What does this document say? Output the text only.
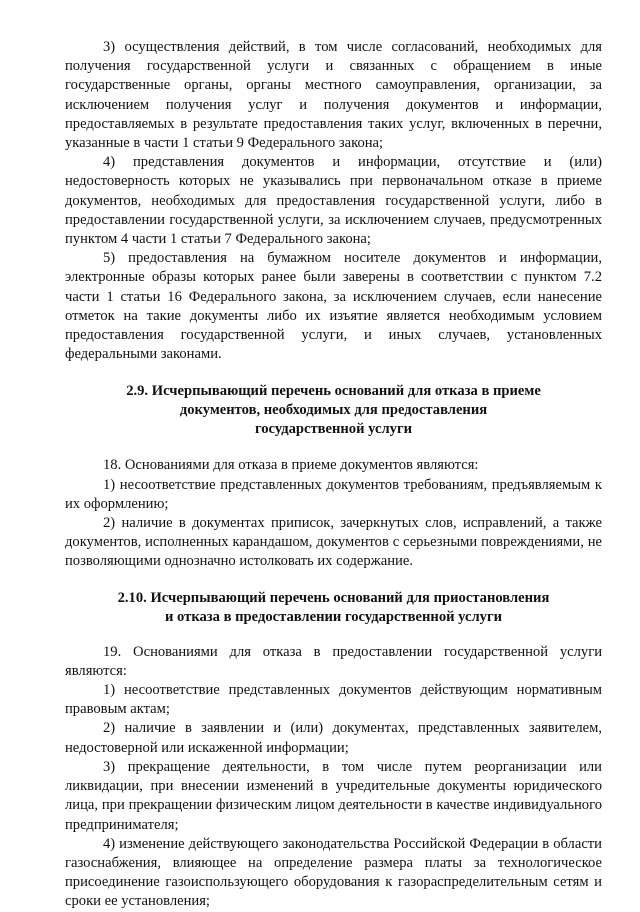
3) осуществления действий, в том числе согласований, необходимых для получения государственной услуги и связанных с обращением в иные государственные органы, органы местного самоуправления, организации, за исключением получения услуг и получения документов и информации, предоставляемых в результате предоставления таких услуг, включенных в перечни, указанные в части 1 статьи 9 Федерального закона;

4) представления документов и информации, отсутствие и (или) недостоверность которых не указывались при первоначальном отказе в приеме документов, необходимых для предоставления государственной услуги, либо в предоставлении государственной услуги, за исключением случаев, предусмотренных пунктом 4 части 1 статьи 7 Федерального закона;

5) предоставления на бумажном носителе документов и информации, электронные образы которых ранее были заверены в соответствии с пунктом 7.2 части 1 статьи 16 Федерального закона, за исключением случаев, если нанесение отметок на такие документы либо их изъятие является необходимым условием предоставления государственной услуги, и иных случаев, установленных федеральными законами.

2.9. Исчерпывающий перечень оснований для отказа в приеме
документов, необходимых для предоставления
государственной услуги

18. Основаниями для отказа в приеме документов являются:

1) несоответствие представленных документов требованиям, предъявляемым к их оформлению;

2) наличие в документах приписок, зачеркнутых слов, исправлений, а также документов, исполненных карандашом, документов с серьезными повреждениями, не позволяющими однозначно истолковать их содержание.

2.10. Исчерпывающий перечень оснований для приостановления
и отказа в предоставлении государственной услуги

19. Основаниями для отказа в предоставлении государственной услуги являются:

1) несоответствие представленных документов действующим нормативным правовым актам;

2) наличие в заявлении и (или) документах, представленных заявителем, недостоверной или искаженной информации;

3) прекращение деятельности, в том числе путем реорганизации или ликвидации, при внесении изменений в учредительные документы юридического лица, при прекращении физическим лицом деятельности в качестве индивидуального предпринимателя;

4) изменение действующего законодательства Российской Федерации в области газоснабжения, влияющее на определение размера платы за технологическое присоединение газоиспользующего оборудования к газораспределительным сетям и сроки ее установления;
